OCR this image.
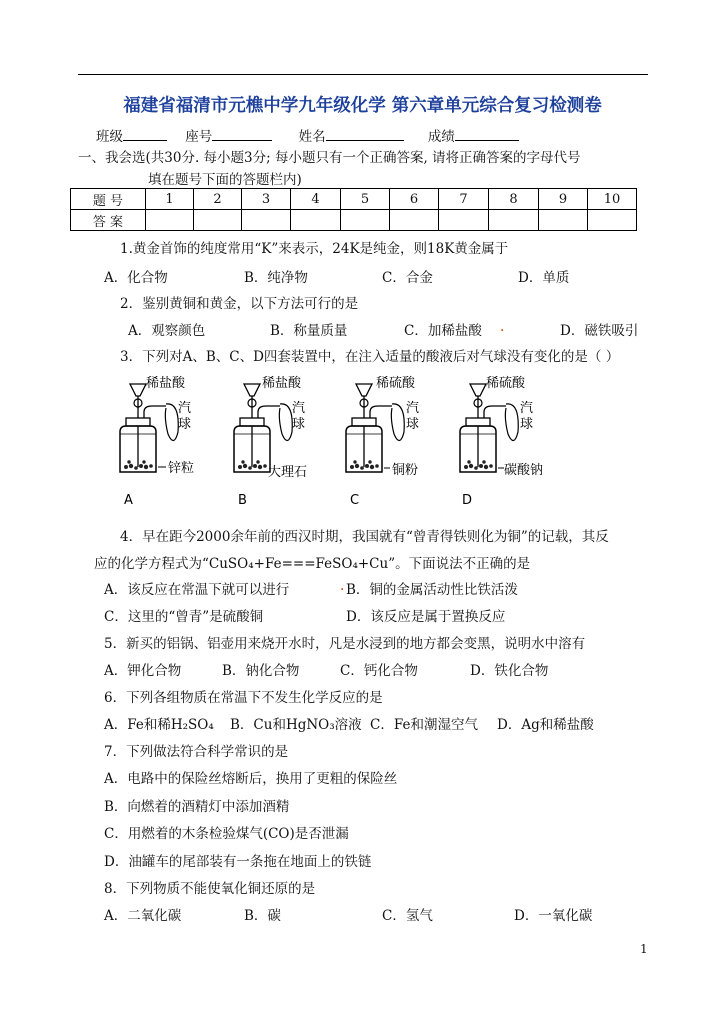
福建省福清市元樵中学九年级化学 第六章单元综合复习检测卷
班级	座号	姓名	成绩
一、我会选(共30分. 每小题3分; 每小题只有一个正确答案, 请将正确答案的字母代号
填在题号下面的答题栏内)
题 号	1	2	3	4	5	6	7	8	9	10
答 案										
1.黄金首饰的纯度常用“K”来表示，24K是纯金，则18K黄金属于
A．化合物	B．纯净物	C．合金	D．单质
2．鉴别黄铜和黄金，以下方法可行的是
A．观察颜色	B．称量质量	C．加稀盐酸 .	D．磁铁吸引
3．下列对A、B、C、D四套装置中，在注入适量的酸液后对气球没有变化的是（ ）
稀盐酸
汽
球
锌粒
A
稀盐酸
汽
球
大理石
B
稀硫酸
汽
球
铜粉
C
稀硫酸
汽
球
碳酸钠
D
4．早在距今2000余年前的西汉时期，我国就有“曾青得铁则化为铜”的记载，其反
应的化学方程式为“CuSO₄+Fe===FeSO₄+Cu”。下面说法不正确的是
A．该反应在常温下就可以进行	. B．铜的金属活动性比铁活泼
C．这里的“曾青”是硫酸铜	D．该反应是属于置换反应
5．新买的铝锅、铝壶用来烧开水时，凡是水浸到的地方都会变黑，说明水中溶有
A．钾化合物	B．钠化合物	C．钙化合物	D．铁化合物
6．下列各组物质在常温下不发生化学反应的是
A．Fe和稀H₂SO₄ B．Cu和HgNO₃溶液 C．Fe和潮湿空气 D．Ag和稀盐酸
7．下列做法符合科学常识的是
A．电路中的保险丝熔断后，换用了更粗的保险丝
B．向燃着的酒精灯中添加酒精
C．用燃着的木条检验煤气(CO)是否泄漏
D．油罐车的尾部装有一条拖在地面上的铁链
8．下列物质不能使氧化铜还原的是
A．二氧化碳	B．碳	C．氢气	D．一氧化碳
1
